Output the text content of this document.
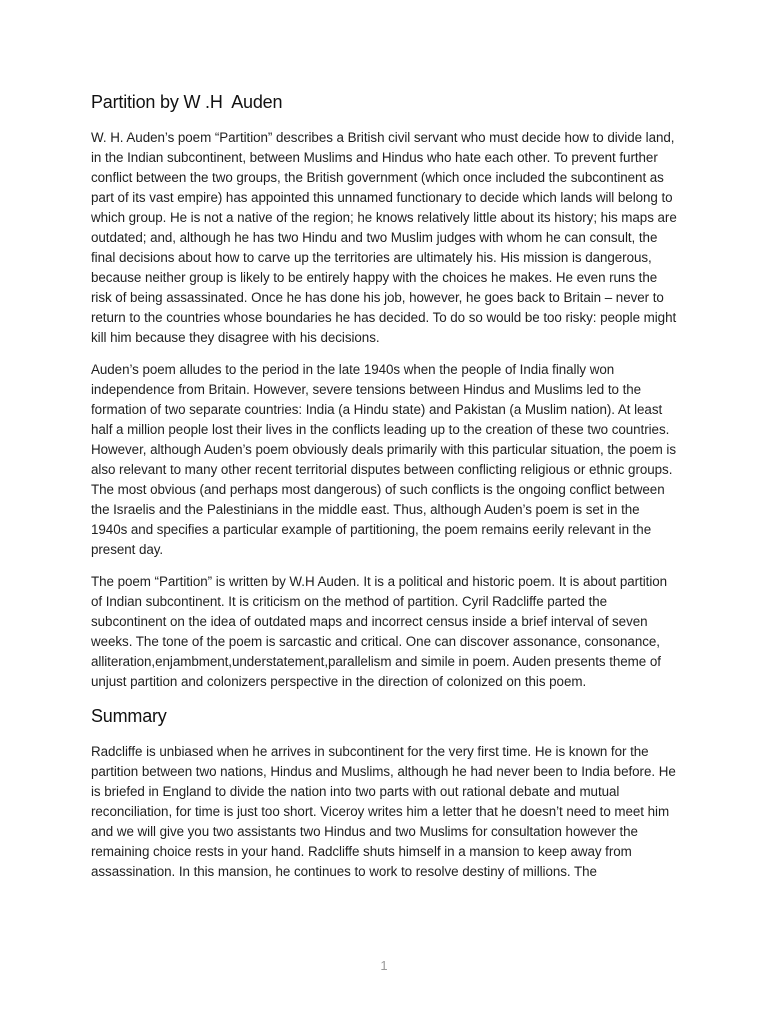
Partition by W .H  Auden

W. H. Auden’s poem “Partition” describes a British civil servant who must decide how to divide land, in the Indian subcontinent, between Muslims and Hindus who hate each other. To prevent further conflict between the two groups, the British government (which once included the subcontinent as part of its vast empire) has appointed this unnamed functionary to decide which lands will belong to which group. He is not a native of the region; he knows relatively little about its history; his maps are outdated; and, although he has two Hindu and two Muslim judges with whom he can consult, the final decisions about how to carve up the territories are ultimately his. His mission is dangerous, because neither group is likely to be entirely happy with the choices he makes. He even runs the risk of being assassinated. Once he has done his job, however, he goes back to Britain – never to return to the countries whose boundaries he has decided. To do so would be too risky: people might kill him because they disagree with his decisions.

Auden’s poem alludes to the period in the late 1940s when the people of India finally won independence from Britain. However, severe tensions between Hindus and Muslims led to the formation of two separate countries: India (a Hindu state) and Pakistan (a Muslim nation). At least half a million people lost their lives in the conflicts leading up to the creation of these two countries. However, although Auden’s poem obviously deals primarily with this particular situation, the poem is also relevant to many other recent territorial disputes between conflicting religious or ethnic groups. The most obvious (and perhaps most dangerous) of such conflicts is the ongoing conflict between the Israelis and the Palestinians in the middle east. Thus, although Auden’s poem is set in the 1940s and specifies a particular example of partitioning, the poem remains eerily relevant in the present day.

The poem “Partition” is written by W.H Auden. It is a political and historic poem. It is about partition of Indian subcontinent. It is criticism on the method of partition. Cyril Radcliffe parted the subcontinent on the idea of outdated maps and incorrect census inside a brief interval of seven weeks. The tone of the poem is sarcastic and critical. One can discover assonance, consonance, alliteration,enjambment,understatement,parallelism and simile in poem. Auden presents theme of unjust partition and colonizers perspective in the direction of colonized on this poem.

Summary

Radcliffe is unbiased when he arrives in subcontinent for the very first time. He is known for the partition between two nations, Hindus and Muslims, although he had never been to India before. He is briefed in England to divide the nation into two parts with out rational debate and mutual reconciliation, for time is just too short. Viceroy writes him a letter that he doesn’t need to meet him and we will give you two assistants two Hindus and two Muslims for consultation however the remaining choice rests in your hand. Radcliffe shuts himself in a mansion to keep away from assassination. In this mansion, he continues to work to resolve destiny of millions. The

1
